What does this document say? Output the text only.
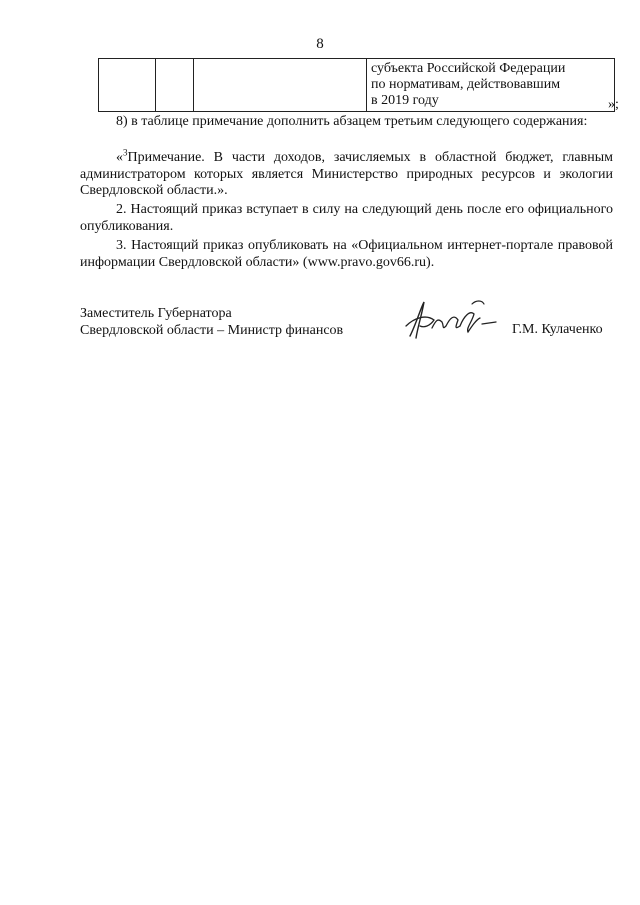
8

субъекта Российской Федерации
по нормативам, действовавшим
в 2019 году	»;
8) в таблице примечание дополнить абзацем третьим следующего содержания:
«$^3$Примечание. В части доходов, зачисляемых в областной бюджет, главным администратором которых является Министерство природных ресурсов и экологии Свердловской области.».
2. Настоящий приказ вступает в силу на следующий день после его официального опубликования.
3. Настоящий приказ опубликовать на «Официальном интернет-портале правовой информации Свердловской области» (www.pravo.gov66.ru).
Заместитель Губернатора
Свердловской области – Министр финансов	Г.М. Кулаченко
